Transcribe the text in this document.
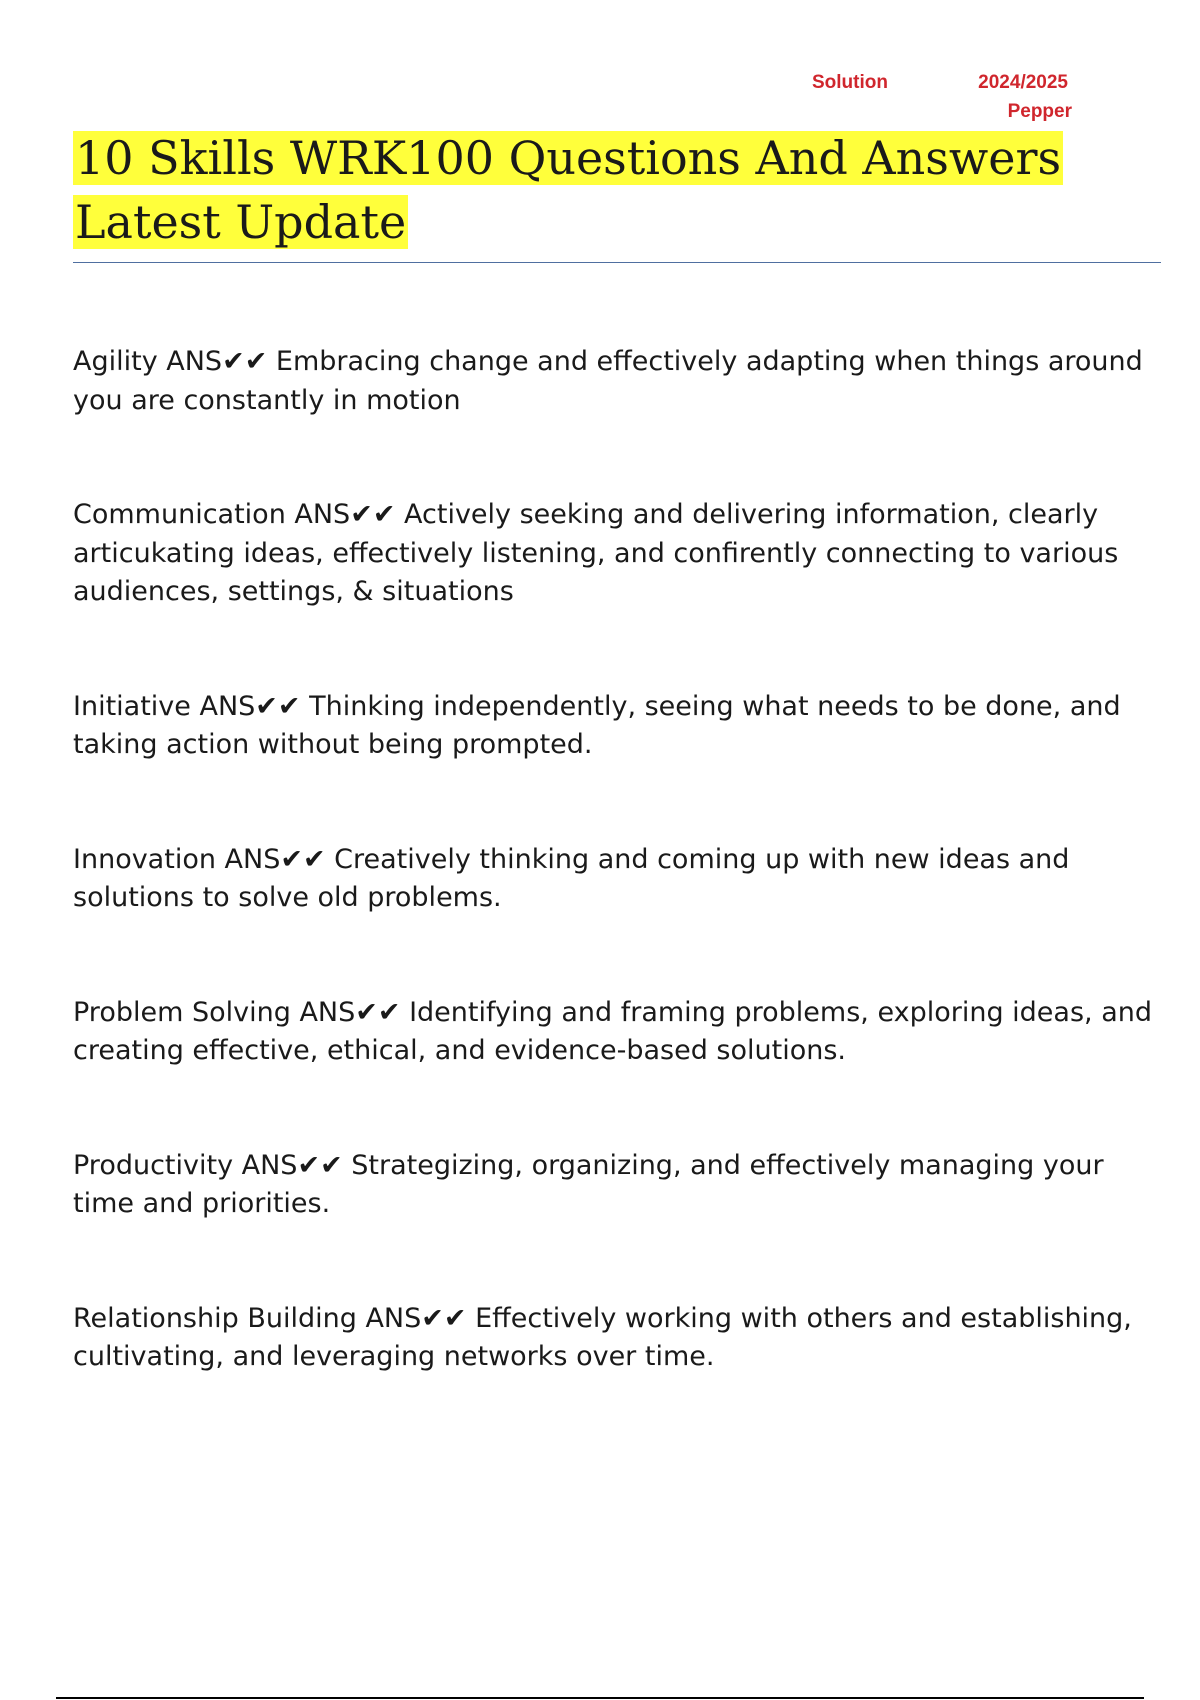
Solution	2024/2025
Pepper
10 Skills WRK100 Questions And Answers
Latest Update

Agility ANS✔✔ Embracing change and effectively adapting when things around you are constantly in motion

Communication ANS✔✔ Actively seeking and delivering information, clearly articukating ideas, effectively listening, and confirently connecting to various audiences, settings, & situations

Initiative ANS✔✔ Thinking independently, seeing what needs to be done, and taking action without being prompted.

Innovation ANS✔✔ Creatively thinking and coming up with new ideas and solutions to solve old problems.

Problem Solving ANS✔✔ Identifying and framing problems, exploring ideas, and creating effective, ethical, and evidence-based solutions.

Productivity ANS✔✔ Strategizing, organizing, and effectively managing your time and priorities.

Relationship Building ANS✔✔ Effectively working with others and establishing, cultivating, and leveraging networks over time.
